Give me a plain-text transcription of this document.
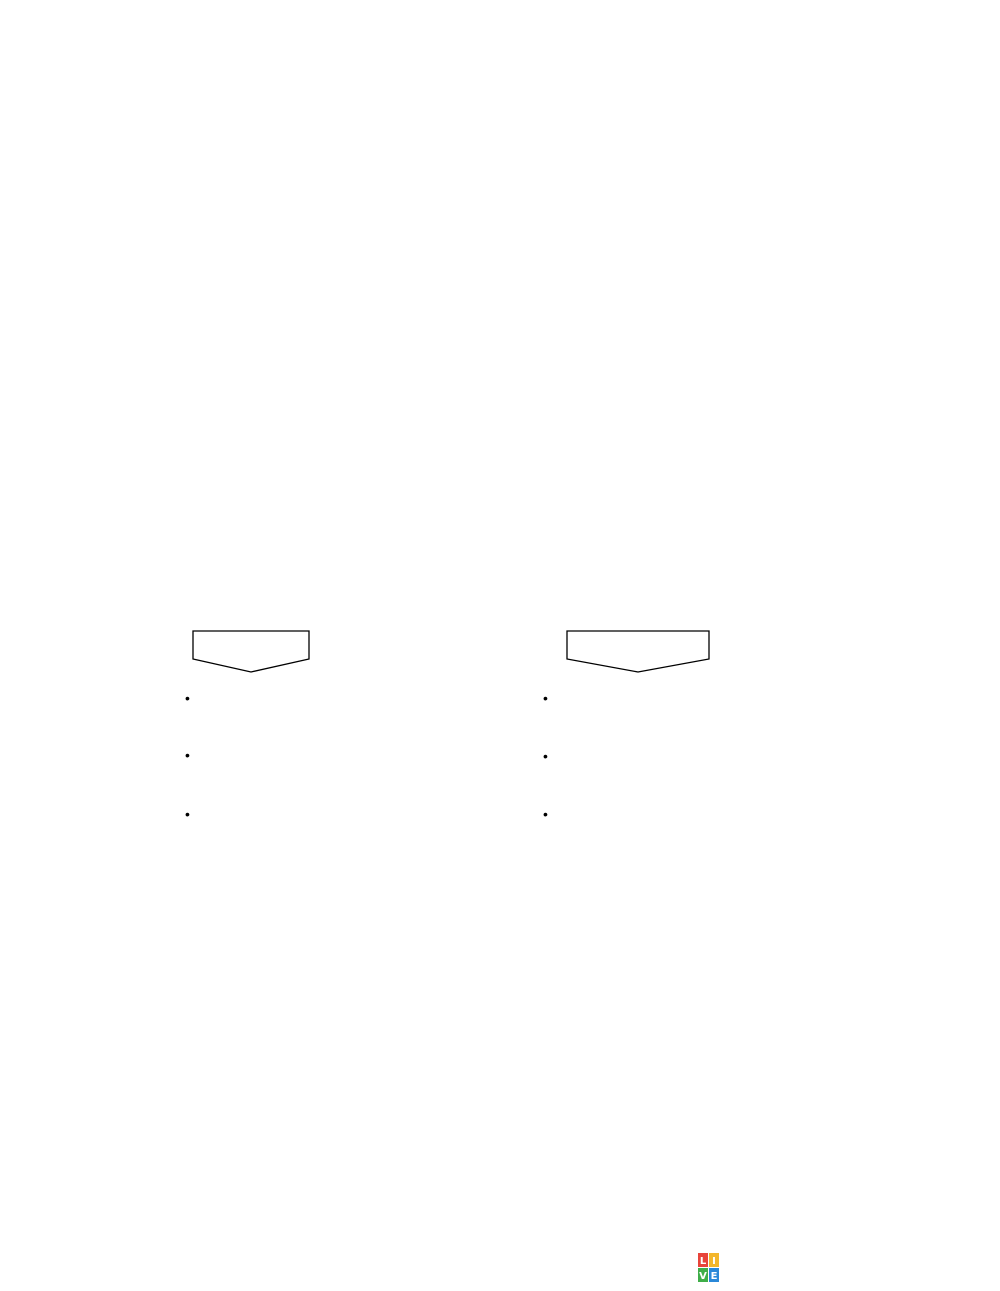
•
•
•
•
•
•
L I
V E
